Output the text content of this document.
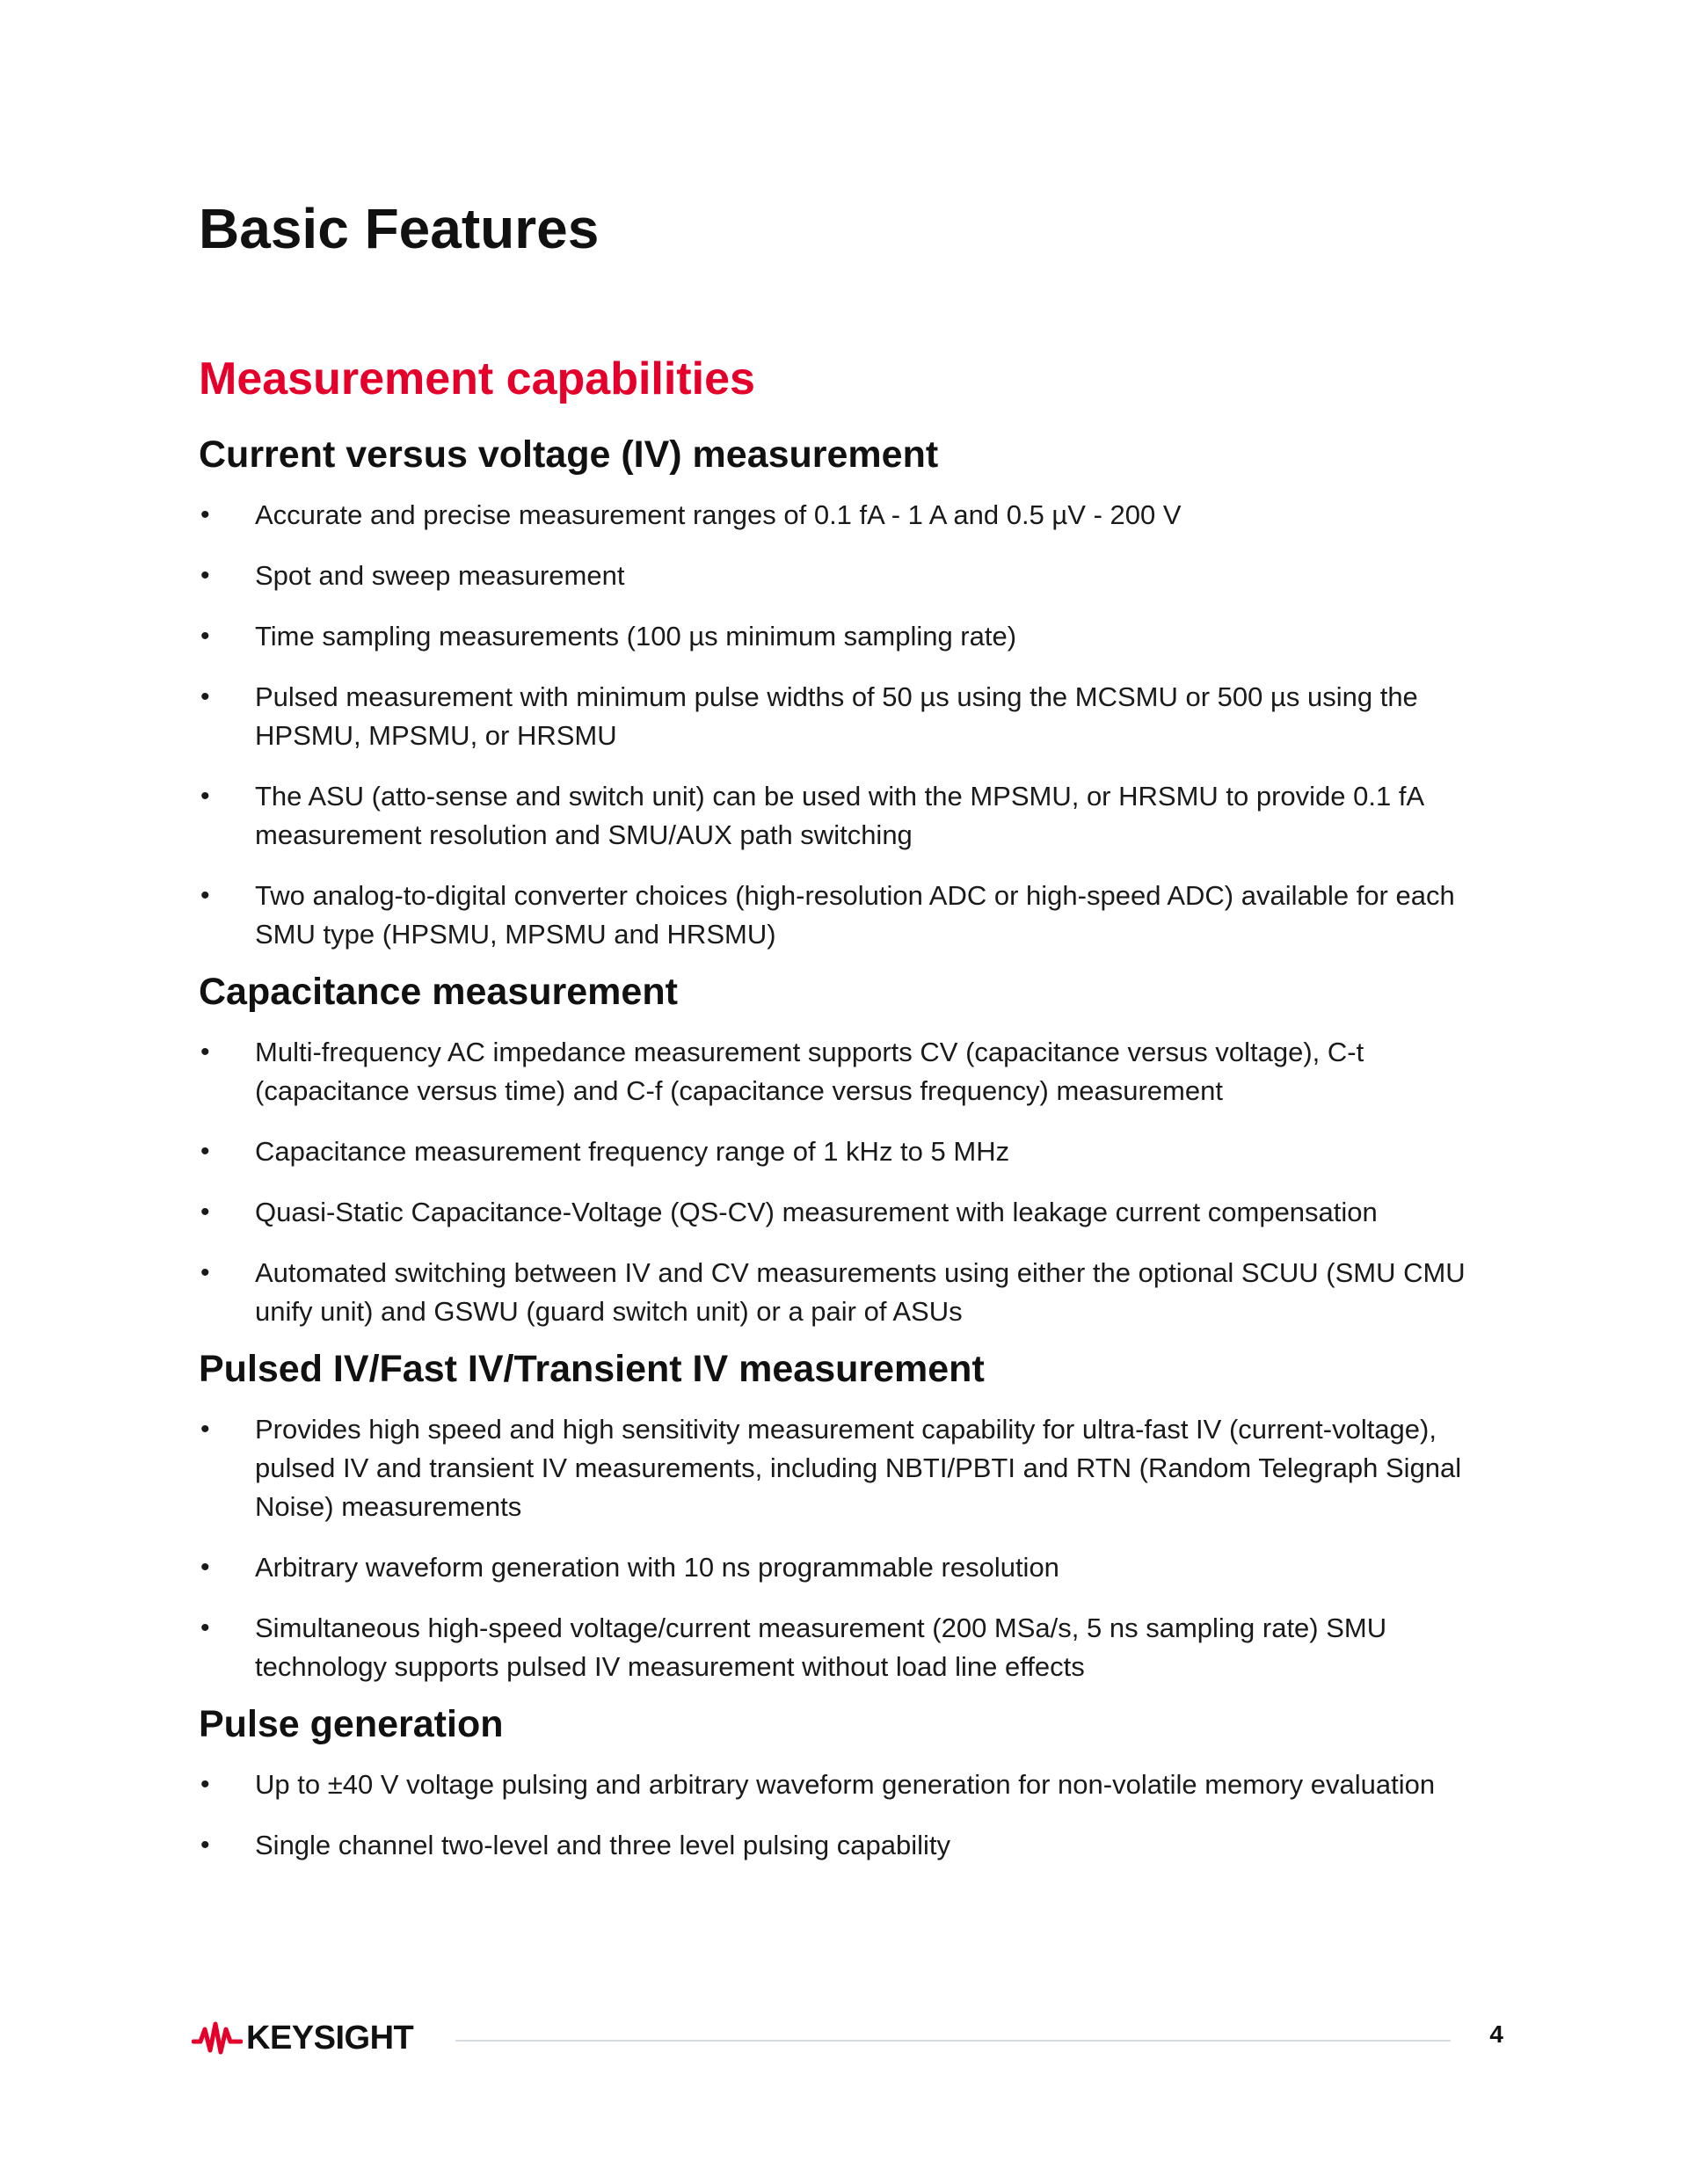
Basic Features
Measurement capabilities
Current versus voltage (IV) measurement
• Accurate and precise measurement ranges of 0.1 fA - 1 A and 0.5 µV - 200 V
• Spot and sweep measurement
• Time sampling measurements (100 µs minimum sampling rate)
• Pulsed measurement with minimum pulse widths of 50 µs using the MCSMU or 500 µs using the HPSMU, MPSMU, or HRSMU
• The ASU (atto-sense and switch unit) can be used with the MPSMU, or HRSMU to provide 0.1 fA measurement resolution and SMU/AUX path switching
• Two analog-to-digital converter choices (high-resolution ADC or high-speed ADC) available for each SMU type (HPSMU, MPSMU and HRSMU)
Capacitance measurement
• Multi-frequency AC impedance measurement supports CV (capacitance versus voltage), C-t (capacitance versus time) and C-f (capacitance versus frequency) measurement
• Capacitance measurement frequency range of 1 kHz to 5 MHz
• Quasi-Static Capacitance-Voltage (QS-CV) measurement with leakage current compensation
• Automated switching between IV and CV measurements using either the optional SCUU (SMU CMU unify unit) and GSWU (guard switch unit) or a pair of ASUs
Pulsed IV/Fast IV/Transient IV measurement
• Provides high speed and high sensitivity measurement capability for ultra-fast IV (current-voltage), pulsed IV and transient IV measurements, including NBTI/PBTI and RTN (Random Telegraph Signal Noise) measurements
• Arbitrary waveform generation with 10 ns programmable resolution
• Simultaneous high-speed voltage/current measurement (200 MSa/s, 5 ns sampling rate) SMU technology supports pulsed IV measurement without load line effects
Pulse generation
• Up to ±40 V voltage pulsing and arbitrary waveform generation for non-volatile memory evaluation
• Single channel two-level and three level pulsing capability
KEYSIGHT	4
